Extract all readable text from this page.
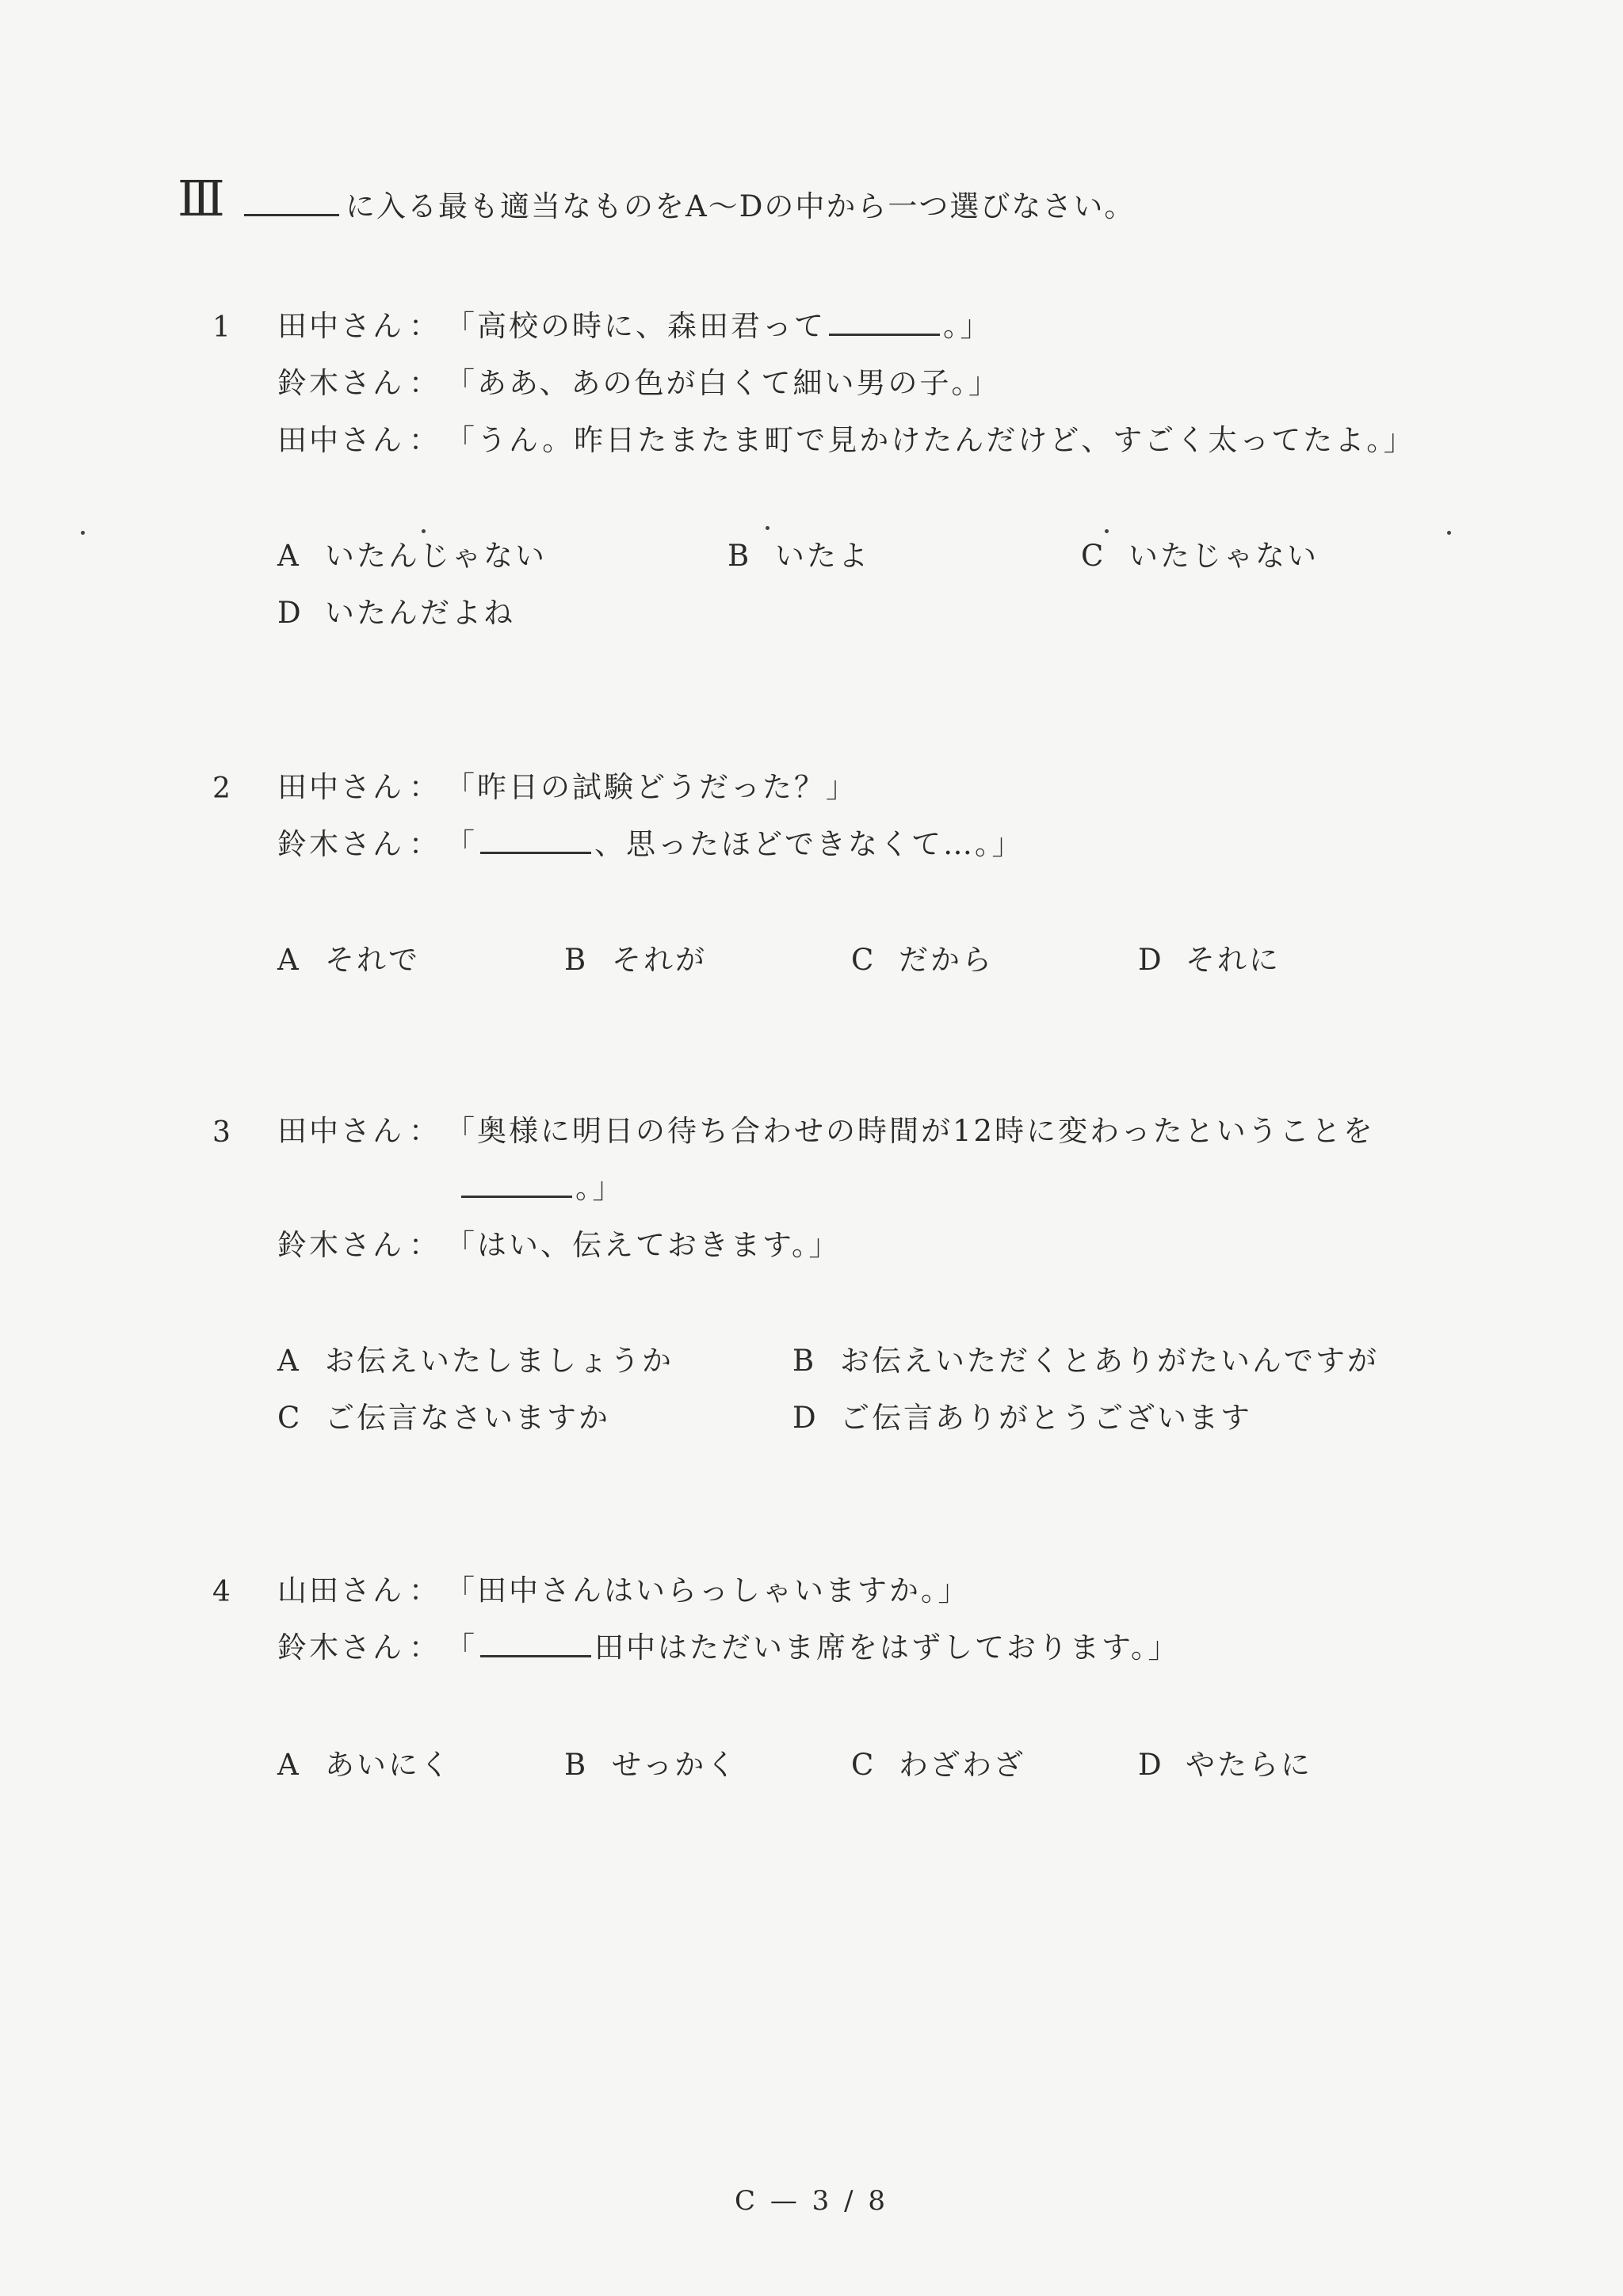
Ⅲ	に入る最も適当なものをA〜Dの中から一つ選びなさい。
1 田中さん ： 「高校の時に、森田君って	。」
鈴木さん ： 「ああ、あの色が白くて細い男の子。」
田中さん ： 「うん。昨日たまたま町で見かけたんだけど、すごく太ってたよ。」
A いたんじゃない	B いたよ	C いたじゃない
D いたんだよね
2 田中さん ： 「昨日の試験どうだった？」
鈴木さん ： 「	、思ったほどできなくて…。」
A それで	B それが	C だから	D それに
3 田中さん ： 「奥様に明日の待ち合わせの時間が12時に変わったということを
。」
鈴木さん ： 「はい、伝えておきます。」
A お伝えいたしましょうか	B お伝えいただくとありがたいんですが
C ご伝言なさいますか	D ご伝言ありがとうございます
4 山田さん ： 「田中さんはいらっしゃいますか。」
鈴木さん ： 「	田中はただいま席をはずしております。」
A あいにく	B せっかく	C わざわざ	D やたらに
C — 3 / 8
